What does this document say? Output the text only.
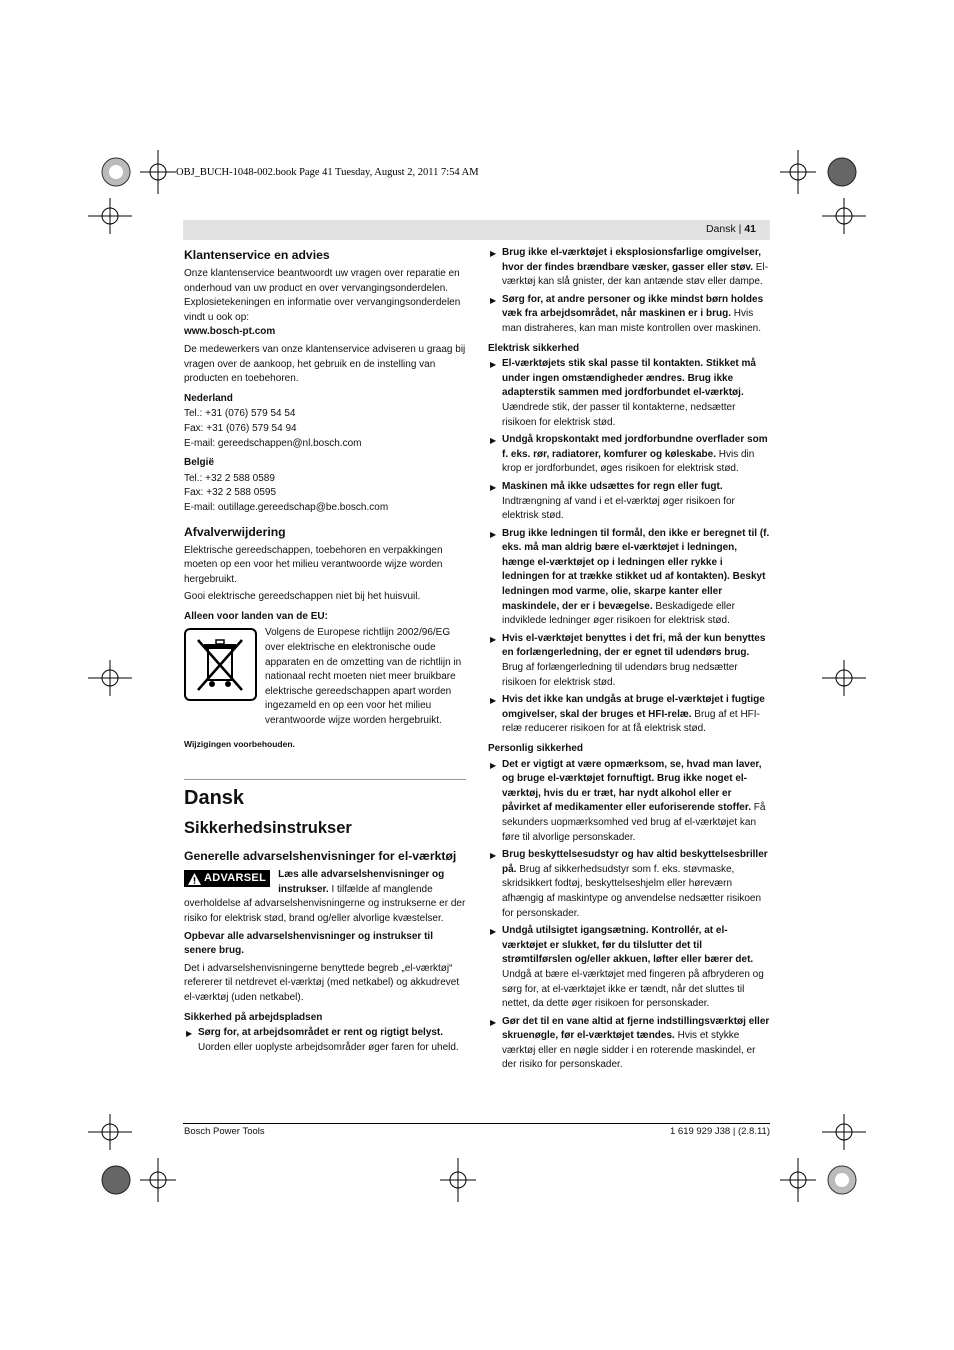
OBJ_BUCH-1048-002.book Page 41 Tuesday, August 2, 2011 7:54 AM
Dansk | 41
Klantenservice en advies

Onze klantenservice beantwoordt uw vragen over reparatie en onderhoud van uw product en over vervangingsonderdelen. Explosietekeningen en informatie over vervangingsonderdelen vindt u ook op:

www.bosch-pt.com

De medewerkers van onze klantenservice adviseren u graag bij vragen over de aankoop, het gebruik en de instelling van producten en toebehoren.

Nederland
Tel.: +31 (076) 579 54 54
Fax: +31 (076) 579 54 94
E-mail: gereedschappen@nl.bosch.com
België
Tel.: +32 2 588 0589
Fax: +32 2 588 0595
E-mail: outillage.gereedschap@be.bosch.com
Afvalverwijdering

Elektrische gereedschappen, toebehoren en verpakkingen moeten op een voor het milieu verantwoorde wijze worden hergebruikt.

Gooi elektrische gereedschappen niet bij het huisvuil.

Alleen voor landen van de EU:
Volgens de Europese richtlijn 2002/96/EG over elektrische en elektronische oude apparaten en de omzetting van de richtlijn in nationaal recht moeten niet meer bruikbare elektrische gereedschappen apart worden ingezameld en op een voor het milieu verantwoorde wijze worden hergebruikt.

Wijzigingen voorbehouden.

Dansk
Sikkerhedsinstrukser
Generelle advarselshenvisninger for el-værktøj

ADVARSEL Læs alle advarselshenvisninger og instrukser. I tilfælde af manglende overholdelse af advarselshenvisningerne og instrukserne er der risiko for elektrisk stød, brand og/eller alvorlige kvæstelser.

Opbevar alle advarselshenvisninger og instrukser til senere brug.

Det i advarselshenvisningerne benyttede begreb „el-værktøj“ refererer til netdrevet el-værktøj (med netkabel) og akkudrevet el-værktøj (uden netkabel).

Sikkerhed på arbejdspladsen
▶ Sørg for, at arbejdsområdet er rent og rigtigt belyst. Uorden eller uoplyste arbejdsområder øger faren for uheld.
▶ Brug ikke el-værktøjet i eksplosionsfarlige omgivelser, hvor der findes brændbare væsker, gasser eller støv. El-værktøj kan slå gnister, der kan antænde støv eller dampe.
▶ Sørg for, at andre personer og ikke mindst børn holdes væk fra arbejdsområdet, når maskinen er i brug. Hvis man distraheres, kan man miste kontrollen over maskinen.
Elektrisk sikkerhed
▶ El-værktøjets stik skal passe til kontakten. Stikket må under ingen omstændigheder ændres. Brug ikke adapterstik sammen med jordforbundet el-værktøj. Uændrede stik, der passer til kontakterne, nedsætter risikoen for elektrisk stød.
▶ Undgå kropskontakt med jordforbundne overflader som f. eks. rør, radiatorer, komfurer og køleskabe. Hvis din krop er jordforbundet, øges risikoen for elektrisk stød.
▶ Maskinen må ikke udsættes for regn eller fugt. Indtrængning af vand i et el-værktøj øger risikoen for elektrisk stød.
▶ Brug ikke ledningen til formål, den ikke er beregnet til (f. eks. må man aldrig bære el-værktøjet i ledningen, hænge el-værktøjet op i ledningen eller rykke i ledningen for at trække stikket ud af kontakten). Beskyt ledningen mod varme, olie, skarpe kanter eller maskindele, der er i bevægelse. Beskadigede eller indviklede ledninger øger risikoen for elektrisk stød.
▶ Hvis el-værktøjet benyttes i det fri, må der kun benyttes en forlængerledning, der er egnet til udendørs brug. Brug af forlængerledning til udendørs brug nedsætter risikoen for elektrisk stød.
▶ Hvis det ikke kan undgås at bruge el-værktøjet i fugtige omgivelser, skal der bruges et HFI-relæ. Brug af et HFI-relæ reducerer risikoen for at få elektrisk stød.
Personlig sikkerhed
▶ Det er vigtigt at være opmærksom, se, hvad man laver, og bruge el-værktøjet fornuftigt. Brug ikke noget el-værktøj, hvis du er træt, har nydt alkohol eller er påvirket af medikamenter eller euforiserende stoffer. Få sekunders uopmærksomhed ved brug af el-værktøjet kan føre til alvorlige personskader.
▶ Brug beskyttelsesudstyr og hav altid beskyttelsesbriller på. Brug af sikkerhedsudstyr som f. eks. støvmaske, skridsikkert fodtøj, beskyttelseshjelm eller høreværn afhængig af maskintype og anvendelse nedsætter risikoen for personskader.
▶ Undgå utilsigtet igangsætning. Kontrollér, at el-værktøjet er slukket, før du tilslutter det til strømtilførslen og/eller akkuen, løfter eller bærer det. Undgå at bære el-værktøjet med fingeren på afbryderen og sørg for, at el-værktøjet ikke er tændt, når det sluttes til nettet, da dette øger risikoen for personskader.
▶ Gør det til en vane altid at fjerne indstillingsværktøj eller skruenøgle, før el-værktøjet tændes. Hvis et stykke værktøj eller en nøgle sidder i en roterende maskindel, er der risiko for personskader.
Bosch Power Tools	1 619 929 J38 | (2.8.11)
